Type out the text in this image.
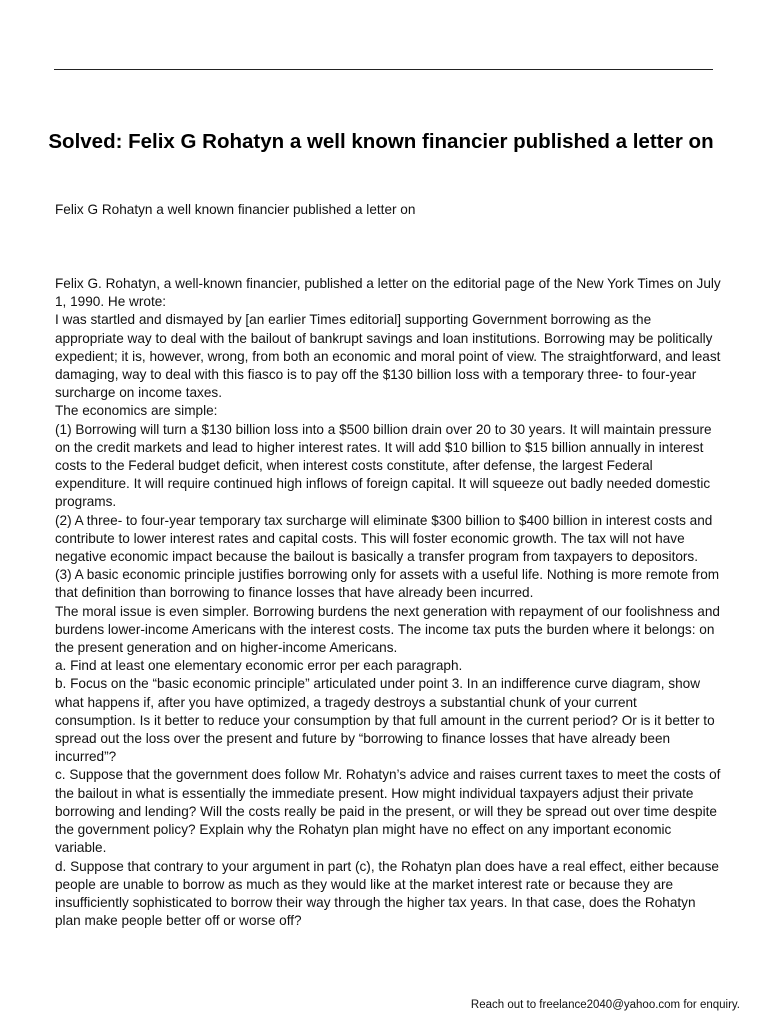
Solved: Felix G Rohatyn a well known financier published a letter on

Felix G Rohatyn a well known financier published a letter on

Felix G. Rohatyn, a well-known financier, published a letter on the editorial page of the New York Times on July 1, 1990. He wrote:

I was startled and dismayed by [an earlier Times editorial] supporting Government borrowing as the appropriate way to deal with the bailout of bankrupt savings and loan institutions. Borrowing may be politically expedient; it is, however, wrong, from both an economic and moral point of view. The straightforward, and least damaging, way to deal with this fiasco is to pay off the $130 billion loss with a temporary three- to four-year surcharge on income taxes.

The economics are simple:

(1) Borrowing will turn a $130 billion loss into a $500 billion drain over 20 to 30 years. It will maintain pressure on the credit markets and lead to higher interest rates. It will add $10 billion to $15 billion annually in interest costs to the Federal budget deficit, when interest costs constitute, after defense, the largest Federal expenditure. It will require continued high inflows of foreign capital. It will squeeze out badly needed domestic programs.

(2) A three- to four-year temporary tax surcharge will eliminate $300 billion to $400 billion in interest costs and contribute to lower interest rates and capital costs. This will foster economic growth. The tax will not have negative economic impact because the bailout is basically a transfer program from taxpayers to depositors.

(3) A basic economic principle justifies borrowing only for assets with a useful life. Nothing is more remote from that definition than borrowing to finance losses that have already been incurred.

The moral issue is even simpler. Borrowing burdens the next generation with repayment of our foolishness and burdens lower-income Americans with the interest costs. The income tax puts the burden where it belongs: on the present generation and on higher-income Americans.

a. Find at least one elementary economic error per each paragraph.

b. Focus on the “basic economic principle” articulated under point 3. In an indifference curve diagram, show what happens if, after you have optimized, a tragedy destroys a substantial chunk of your current consumption. Is it better to reduce your consumption by that full amount in the current period? Or is it better to spread out the loss over the present and future by “borrowing to finance losses that have already been incurred”?

c. Suppose that the government does follow Mr. Rohatyn’s advice and raises current taxes to meet the costs of the bailout in what is essentially the immediate present. How might individual taxpayers adjust their private borrowing and lending? Will the costs really be paid in the present, or will they be spread out over time despite the government policy? Explain why the Rohatyn plan might have no effect on any important economic variable.

d. Suppose that contrary to your argument in part (c), the Rohatyn plan does have a real effect, either because people are unable to borrow as much as they would like at the market interest rate or because they are insufficiently sophisticated to borrow their way through the higher tax years. In that case, does the Rohatyn plan make people better off or worse off?

Reach out to freelance2040@yahoo.com for enquiry.
